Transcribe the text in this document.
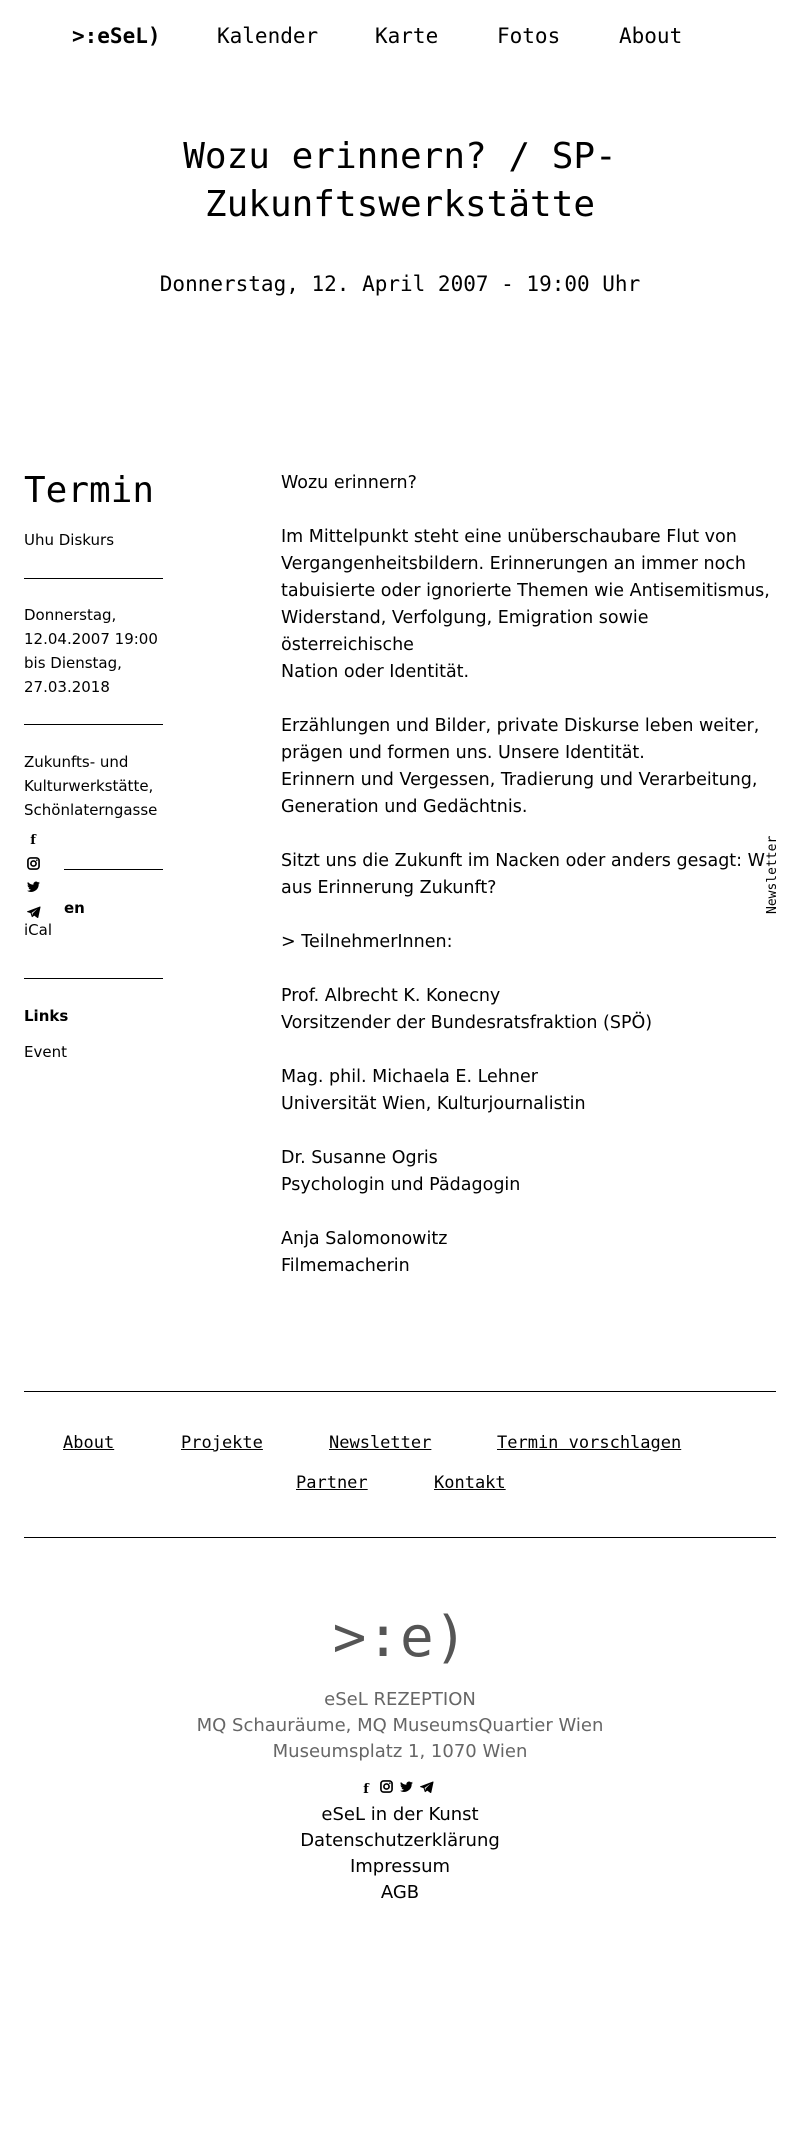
>:eSeL)	Kalender	Karte	Fotos	About
Wozu erinnern? / SP-
Zukunftswerkstätte
Donnerstag, 12. April 2007 - 19:00 Uhr
Termin
Uhu Diskurs
Donnerstag,
12.04.2007 19:00
bis Dienstag,
27.03.2018
Zukunfts- und
Kulturwerkstätte,
Schönlaterngasse
f
en
iCal
Links
Event

Wozu erinnern?

Im Mittelpunkt steht eine unüberschaubare Flut von
Vergangenheitsbildern. Erinnerungen an immer noch
tabuisierte oder ignorierte Themen wie Antisemitismus,
Widerstand, Verfolgung, Emigration sowie österreichische
Nation oder Identität.

Erzählungen und Bilder, private Diskurse leben weiter,
prägen und formen uns. Unsere Identität.
Erinnern und Vergessen, Tradierung und Verarbeitung,
Generation und Gedächtnis.

Sitzt uns die Zukunft im Nacken oder anders gesagt: W
aus Erinnerung Zukunft?

> TeilnehmerInnen:

Prof. Albrecht K. Konecny
Vorsitzender der Bundesratsfraktion (SPÖ)

Mag. phil. Michaela E. Lehner
Universität Wien, Kulturjournalistin

Dr. Susanne Ogris
Psychologin und Pädagogin

Anja Salomonowitz
Filmemacherin

Newsletter
About	Projekte	Newsletter	Termin vorschlagen
Partner	Kontakt
>:e)
eSeL REZEPTION
MQ Schauräume, MQ MuseumsQuartier Wien
Museumsplatz 1, 1070 Wien
f
eSeL in der Kunst
Datenschutzerklärung
Impressum
AGB
